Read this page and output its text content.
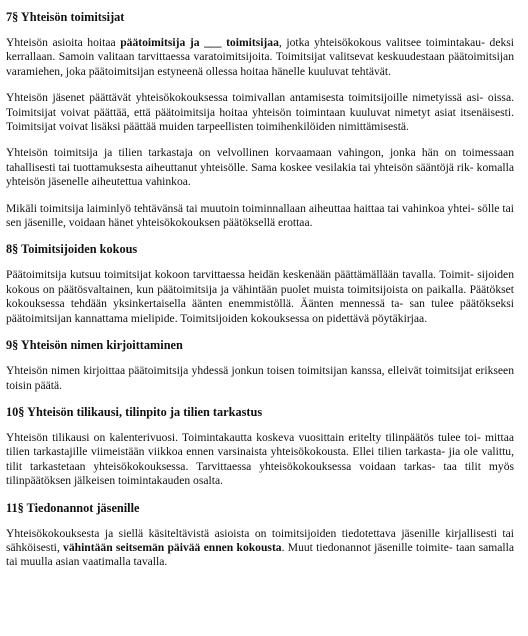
7§ Yhteisön toimitsijat

Yhteisön asioita hoitaa päätoimitsija ja ___ toimitsijaa, jotka yhteisökokous valitsee toimintakau- deksi kerrallaan. Samoin valitaan tarvittaessa varatoimitsijoita. Toimitsijat valitsevat keskuudestaan päätoimitsijan varamiehen, joka päätoimitsijan estyneenä ollessa hoitaa hänelle kuuluvat tehtävät.

Yhteisön jäsenet päättävät yhteisökokouksessa toimivallan antamisesta toimitsijoille nimetyissä asi- oissa. Toimitsijat voivat päättää, että päätoimitsija hoitaa yhteisön toimintaan kuuluvat nimetyt asiat itsenäisesti. Toimitsijat voivat lisäksi päättää muiden tarpeellisten toimihenkilöiden nimittämisestä.

Yhteisön toimitsija ja tilien tarkastaja on velvollinen korvaamaan vahingon, jonka hän on toimessaan tahallisesti tai tuottamuksesta aiheuttanut yhteisölle. Sama koskee vesilakia tai yhteisön sääntöjä rik- komalla yhteisön jäsenelle aiheutettua vahinkoa.

Mikäli toimitsija laiminlyö tehtävänsä tai muutoin toiminnallaan aiheuttaa haittaa tai vahinkoa yhtei- sölle tai sen jäsenille, voidaan hänet yhteisökokouksen päätöksellä erottaa.

8§ Toimitsijoiden kokous

Päätoimitsija kutsuu toimitsijat kokoon tarvittaessa heidän keskenään päättämällään tavalla. Toimit- sijoiden kokous on päätösvaltainen, kun päätoimitsija ja vähintään puolet muista toimitsijoista on paikalla. Päätökset kokouksessa tehdään yksinkertaisella äänten enemmistöllä. Äänten mennessä ta- san tulee päätökseksi päätoimitsijan kannattama mielipide. Toimitsijoiden kokouksessa on pidettävä pöytäkirjaa.

9§ Yhteisön nimen kirjoittaminen

Yhteisön nimen kirjoittaa päätoimitsija yhdessä jonkun toisen toimitsijan kanssa, elleivät toimitsijat erikseen toisin päätä.

10§ Yhteisön tilikausi, tilinpito ja tilien tarkastus

Yhteisön tilikausi on kalenterivuosi. Toimintakautta koskeva vuosittain eritelty tilinpäätös tulee toi- mittaa tilien tarkastajille viimeistään viikkoa ennen varsinaista yhteisökokousta. Ellei tilien tarkasta- jia ole valittu, tilit tarkastetaan yhteisökokouksessa. Tarvittaessa yhteisökokouksessa voidaan tarkas- taa tilit myös tilinpäätöksen jälkeisen toimintakauden osalta.

11§ Tiedonannot jäsenille

Yhteisökokouksesta ja siellä käsiteltävistä asioista on toimitsijoiden tiedotettava jäsenille kirjallisesti tai sähköisesti, vähintään seitsemän päivää ennen kokousta. Muut tiedonannot jäsenille toimite- taan samalla tai muulla asian vaatimalla tavalla.
